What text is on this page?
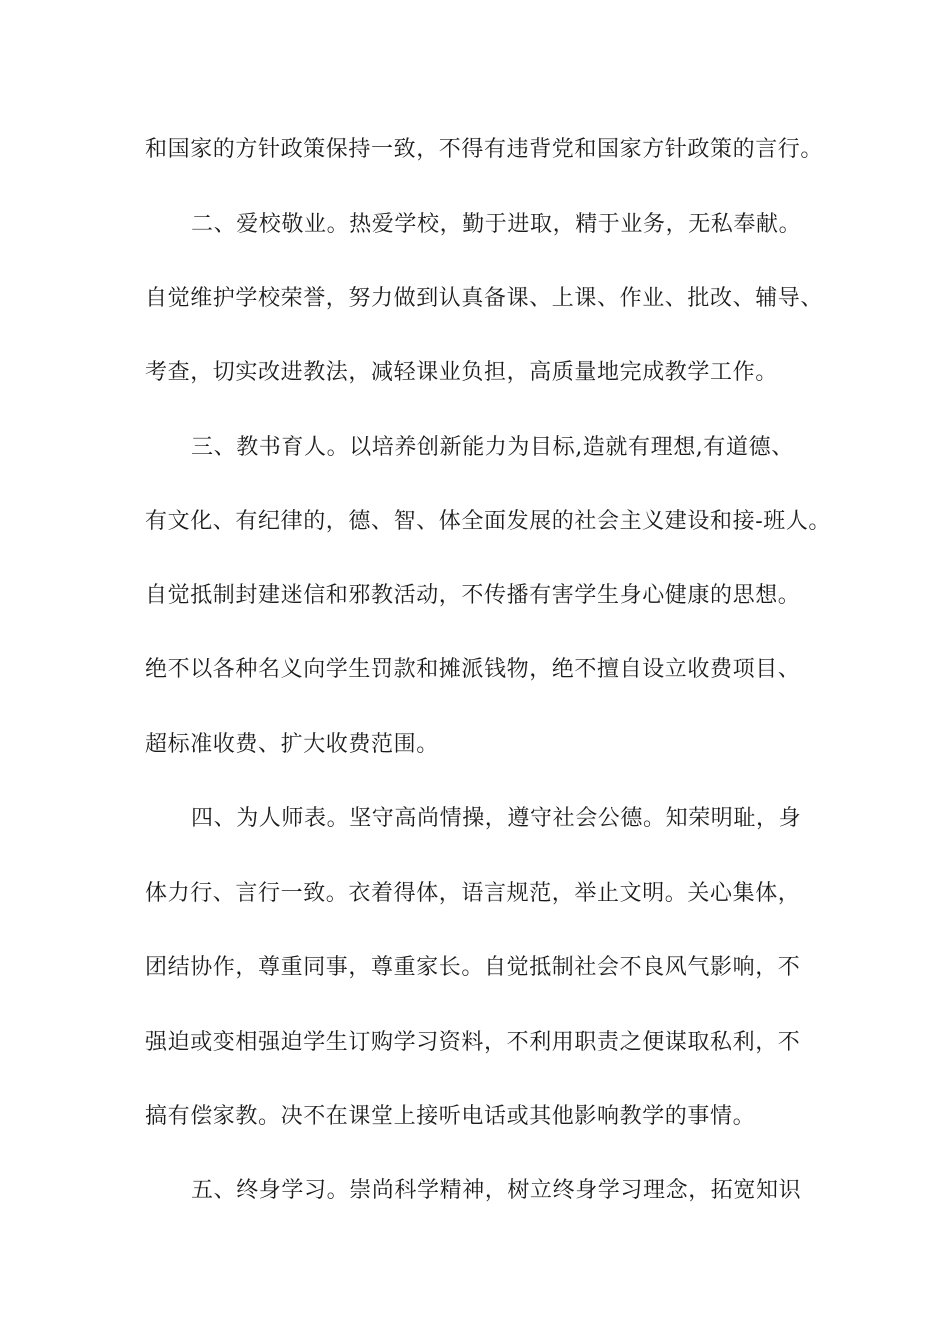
和国家的方针政策保持一致，不得有违背党和国家方针政策的言行。
二、爱校敬业。热爱学校，勤于进取，精于业务，无私奉献。
自觉维护学校荣誉，努力做到认真备课、上课、作业、批改、辅导、
考查，切实改进教法，减轻课业负担，高质量地完成教学工作。
三、教书育人。以培养创新能力为目标,造就有理想,有道德、
有文化、有纪律的，德、智、体全面发展的社会主义建设和接-班人。
自觉抵制封建迷信和邪教活动，不传播有害学生身心健康的思想。
绝不以各种名义向学生罚款和摊派钱物，绝不擅自设立收费项目、
超标准收费、扩大收费范围。
四、为人师表。坚守高尚情操，遵守社会公德。知荣明耻，身
体力行、言行一致。衣着得体，语言规范，举止文明。关心集体，
团结协作，尊重同事，尊重家长。自觉抵制社会不良风气影响，不
强迫或变相强迫学生订购学习资料，不利用职责之便谋取私利，不
搞有偿家教。决不在课堂上接听电话或其他影响教学的事情。
五、终身学习。崇尚科学精神，树立终身学习理念，拓宽知识
